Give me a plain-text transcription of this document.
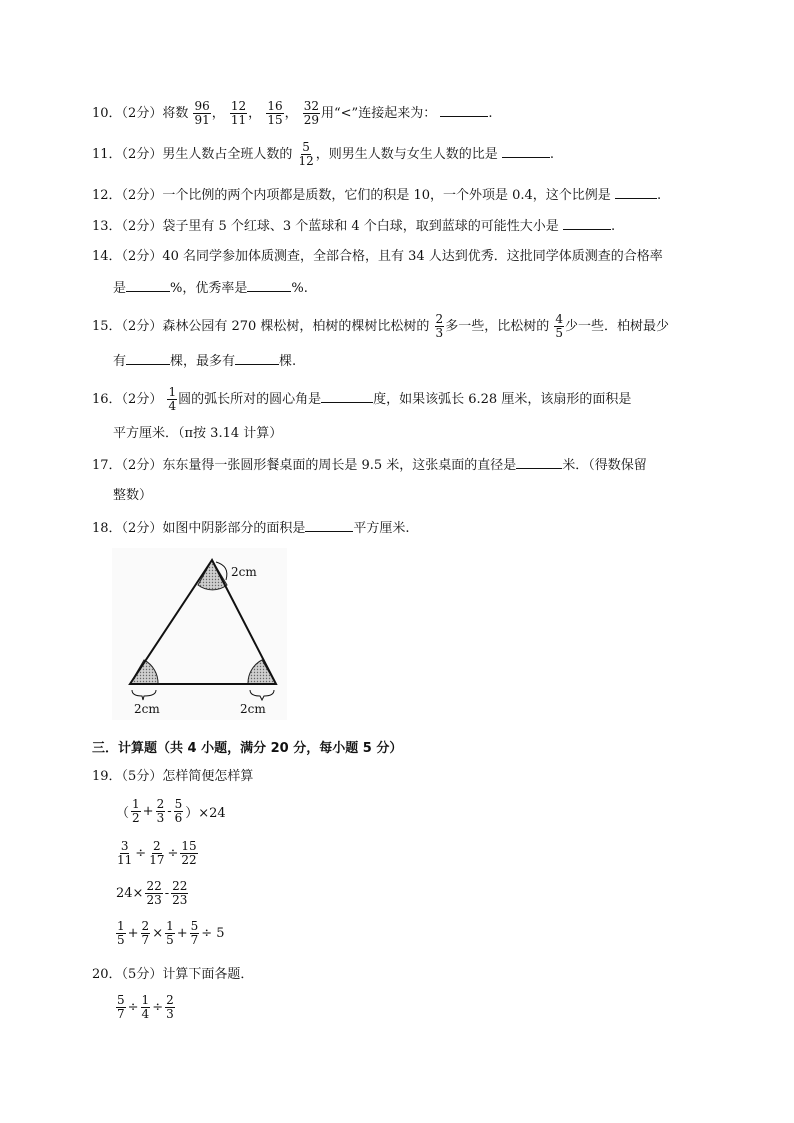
10．（2分）将数 $\frac{96}{91}$ ， $\frac{12}{11}$ ， $\frac{16}{15}$ ， $\frac{32}{29}$ 用“<”连接起来为：	.
11．（2分）男生人数占全班人数的 $\frac{5}{12}$ ，则男生人数与女生人数的比是	.
12．（2分）一个比例的两个内项都是质数，它们的积是 10，一个外项是 0.4，这个比例是	.
13．（2分）袋子里有 5 个红球、3 个蓝球和 4 个白球，取到蓝球的可能性大小是	.
14．（2分）40 名同学参加体质测查，全部合格，且有 34 人达到优秀．这批同学体质测查的合格率
是	%，优秀率是	%.
15．（2分）森林公园有 270 棵松树，柏树的棵树比松树的 $\frac{2}{3}$ 多一些，比松树的 $\frac{4}{5}$ 少一些．柏树最少
有	棵，最多有	棵.
16．（2分） $\frac{1}{4}$ 圆的弧长所对的圆心角是	度，如果该弧长 6.28 厘米，该扇形的面积是
平方厘米．（π按 3.14 计算）
17．（2分）东东量得一张圆形餐桌面的周长是 9.5 米，这张桌面的直径是	米．（得数保留
整数）
18．（2分）如图中阴影部分的面积是	平方厘米.
2cm
2cm	2cm
三．计算题（共 4 小题，满分 20 分，每小题 5 分）
19．（5分）怎样简便怎样算
（ $\frac{1}{2} + \frac{2}{3} - \frac{5}{6} )\times 24$
$\frac{3}{11} \div \frac{2}{17} \div \frac{15}{22}$
$24\times \frac{22}{23} - \frac{22}{23}$
$\frac{1}{5} + \frac{2}{7} \times \frac{1}{5} + \frac{5}{7} \div 5$
20．（5分）计算下面各题．
$\frac{5}{7} \div \frac{1}{4} \div \frac{2}{3}$
